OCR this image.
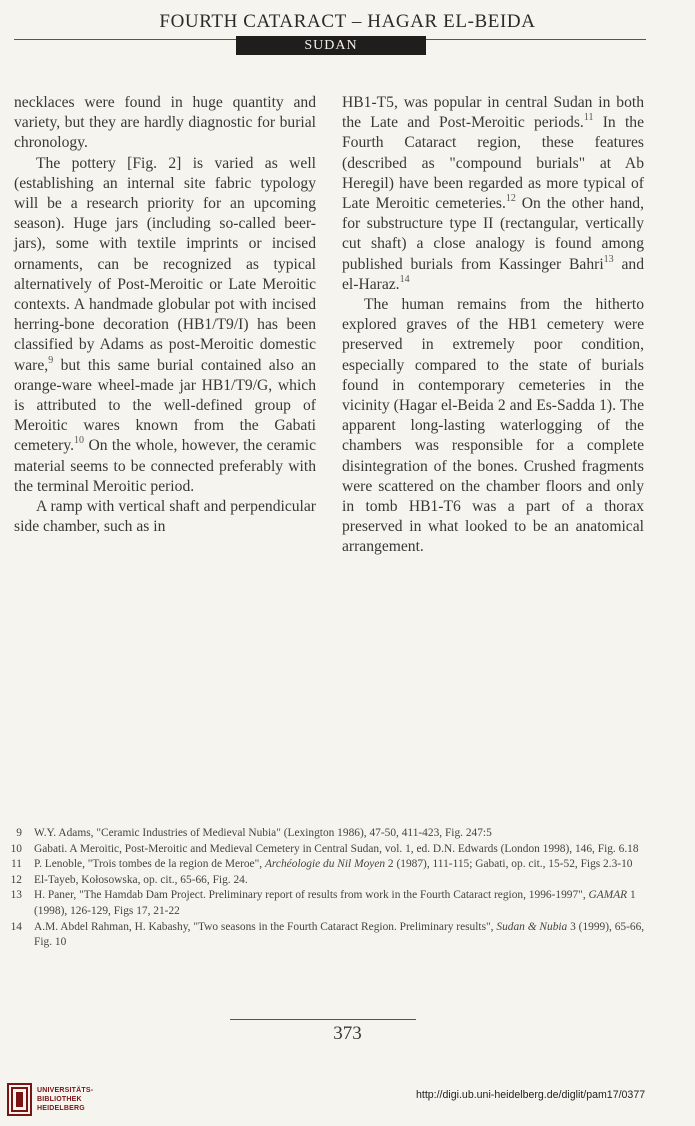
FOURTH CATARACT – HAGAR EL-BEIDA
SUDAN

necklaces were found in huge quantity and variety, but they are hardly diagnostic for burial chronology.

The pottery [Fig. 2] is varied as well (establishing an internal site fabric typology will be a research priority for an upcoming season). Huge jars (including so-called beer-jars), some with textile imprints or incised ornaments, can be recognized as typical alternatively of Post-Meroitic or Late Meroitic contexts. A handmade globular pot with incised herring-bone decoration (HB1/T9/I) has been classified by Adams as post-Meroitic domestic ware,$^9$ but this same burial contained also an orange-ware wheel-made jar HB1/T9/G, which is attributed to the well-defined group of Meroitic wares known from the Gabati cemetery.$^{10}$ On the whole, however, the ceramic material seems to be connected preferably with the terminal Meroitic period.

A ramp with vertical shaft and perpendicular side chamber, such as in

HB1-T5, was popular in central Sudan in both the Late and Post-Meroitic periods.$^{11}$ In the Fourth Cataract region, these features (described as "compound burials" at Ab Heregil) have been regarded as more typical of Late Meroitic cemeteries.$^{12}$ On the other hand, for substructure type II (rectangular, vertically cut shaft) a close analogy is found among published burials from Kassinger Bahri$^{13}$ and el-Haraz.$^{14}$

The human remains from the hitherto explored graves of the HB1 cemetery were preserved in extremely poor condition, especially compared to the state of burials found in contemporary cemeteries in the vicinity (Hagar el-Beida 2 and Es-Sadda 1). The apparent long-lasting waterlogging of the chambers was responsible for a complete disintegration of the bones. Crushed fragments were scattered on the chamber floors and only in tomb HB1-T6 was a part of a thorax preserved in what looked to be an anatomical arrangement.

9 W.Y. Adams, "Ceramic Industries of Medieval Nubia" (Lexington 1986), 47-50, 411-423, Fig. 247:5
10 Gabati. A Meroitic, Post-Meroitic and Medieval Cemetery in Central Sudan, vol. 1, ed. D.N. Edwards (London 1998), 146, Fig. 6.18
11 P. Lenoble, "Trois tombes de la region de Meroe", Archéologie du Nil Moyen 2 (1987), 111-115; Gabati, op. cit., 15-52, Figs 2.3-10
12 El-Tayeb, Kołosowska, op. cit., 65-66, Fig. 24.
13 H. Paner, "The Hamdab Dam Project. Preliminary report of results from work in the Fourth Cataract region, 1996-1997", GAMAR 1 (1998), 126-129, Figs 17, 21-22
14 A.M. Abdel Rahman, H. Kabashy, "Two seasons in the Fourth Cataract Region. Preliminary results", Sudan & Nubia 3 (1999), 65-66, Fig. 10
373
UNIVERSITÄTS-
BIBLIOTHEK
HEIDELBERG
http://digi.ub.uni-heidelberg.de/diglit/pam17/0377
